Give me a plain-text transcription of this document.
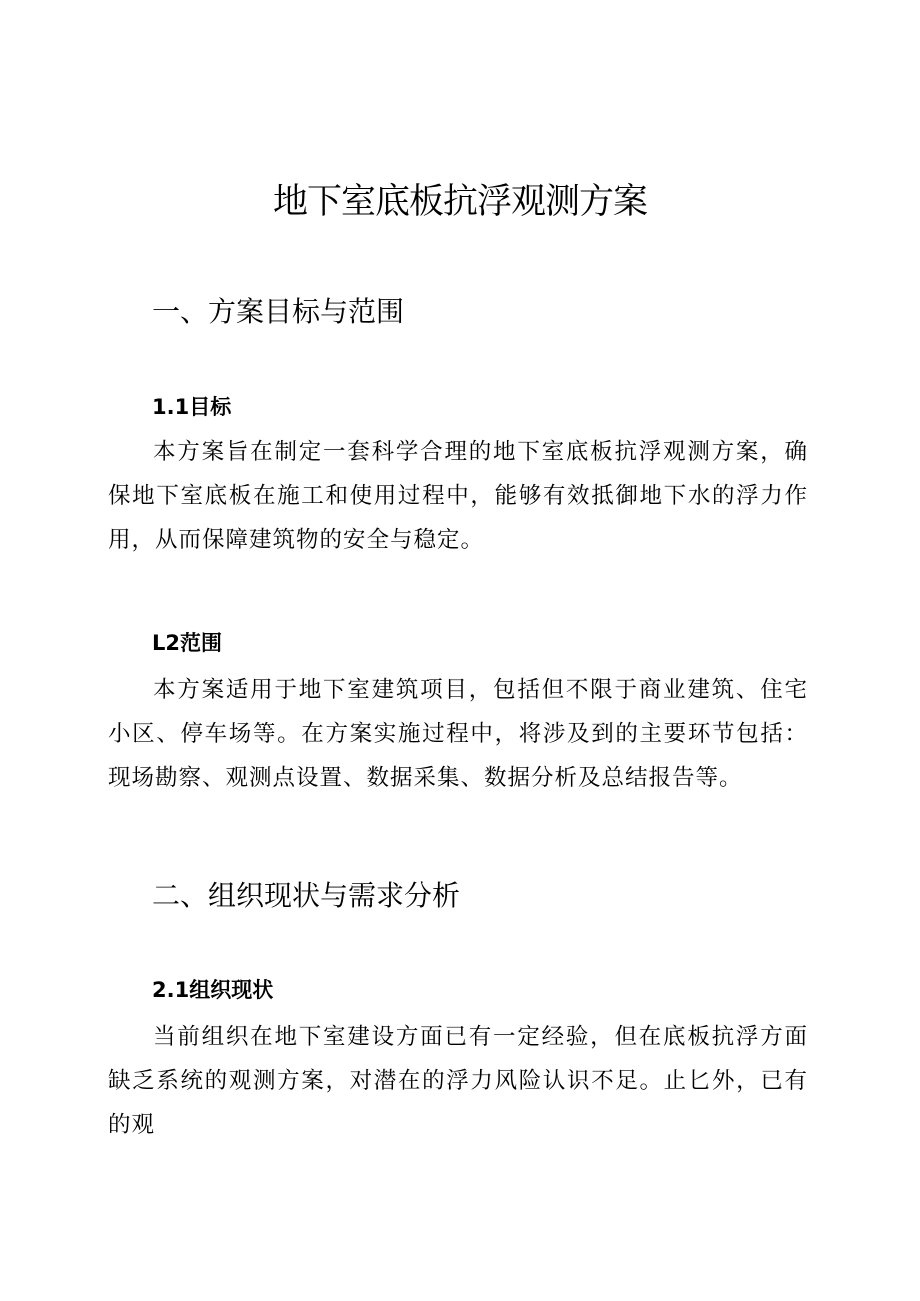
地下室底板抗浮观测方案
一、方案目标与范围
1.1目标

本方案旨在制定一套科学合理的地下室底板抗浮观测方案，确保地下室底板在施工和使用过程中，能够有效抵御地下水的浮力作用，从而保障建筑物的安全与稳定。

L2范围

本方案适用于地下室建筑项目，包括但不限于商业建筑、住宅小区、停车场等。在方案实施过程中，将涉及到的主要环节包括：现场勘察、观测点设置、数据采集、数据分析及总结报告等。

二、组织现状与需求分析
2.1组织现状

当前组织在地下室建设方面已有一定经验，但在底板抗浮方面缺乏系统的观测方案，对潜在的浮力风险认识不足。止匕外，已有的观
